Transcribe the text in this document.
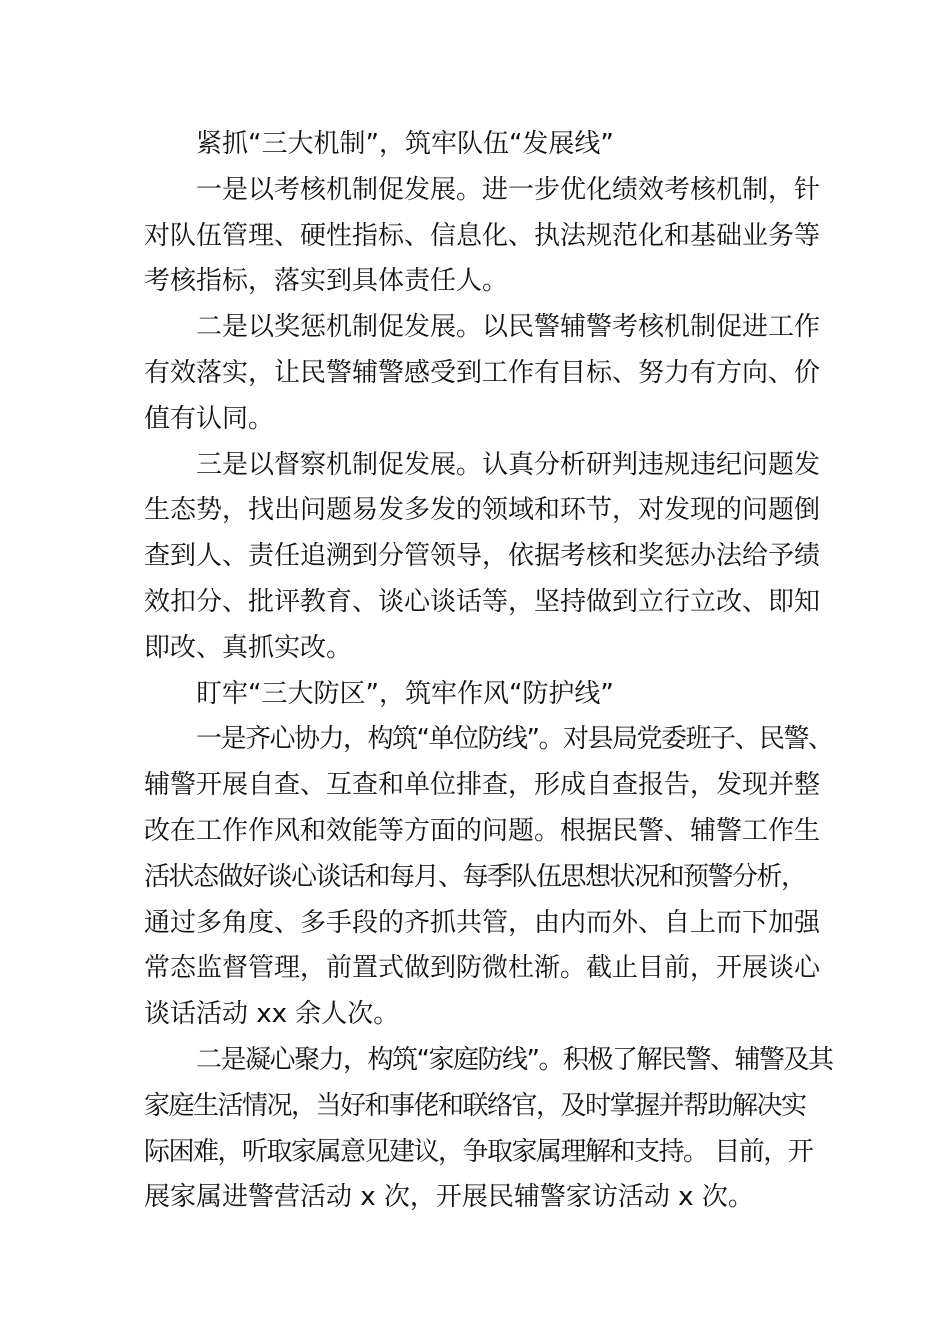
紧抓“三大机制”，筑牢队伍“发展线”

一是以考核机制促发展。进一步优化绩效考核机制，针
对队伍管理、硬性指标、信息化、执法规范化和基础业务等
考核指标，落实到具体责任人。

二是以奖惩机制促发展。以民警辅警考核机制促进工作
有效落实，让民警辅警感受到工作有目标、努力有方向、价
值有认同。

三是以督察机制促发展。认真分析研判违规违纪问题发
生态势，找出问题易发多发的领域和环节，对发现的问题倒
查到人、责任追溯到分管领导，依据考核和奖惩办法给予绩
效扣分、批评教育、谈心谈话等，坚持做到立行立改、即知
即改、真抓实改。

盯牢“三大防区”，筑牢作风“防护线”

一是齐心协力，构筑“单位防线”。对县局党委班子、民警、
辅警开展自查、互查和单位排查，形成自查报告，发现并整
改在工作作风和效能等方面的问题。根据民警、辅警工作生
活状态做好谈心谈话和每月、每季队伍思想状况和预警分析，
通过多角度、多手段的齐抓共管，由内而外、自上而下加强
常态监督管理，前置式做到防微杜渐。截止目前，开展谈心
谈话活动 xx 余人次。

二是凝心聚力，构筑“家庭防线”。积极了解民警、辅警及其
家庭生活情况，当好和事佬和联络官，及时掌握并帮助解决实
际困难，听取家属意见建议，争取家属理解和支持。 目前，开
展家属进警营活动 x 次，开展民辅警家访活动 x 次。
